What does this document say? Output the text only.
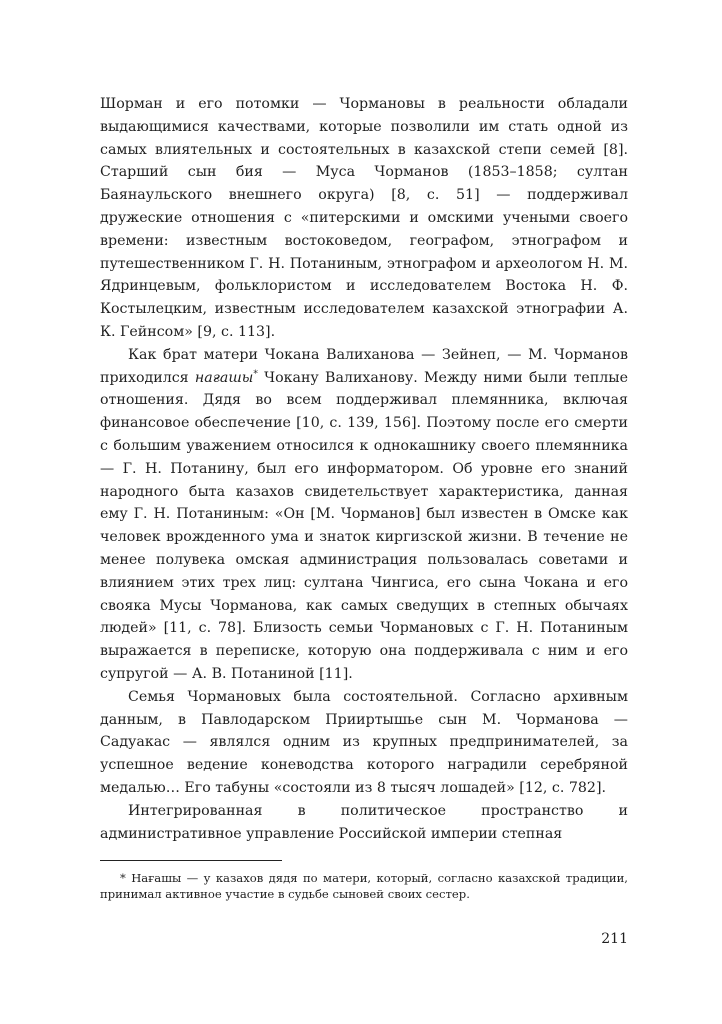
Шорман и его потомки — Чормановы в реальности обладали выдающимися качествами, которые позволили им стать одной из самых влиятельных и состоятельных в казахской степи семей [8]. Старший сын бия — Муса Чорманов (1853–1858; султан Баянаульского внешнего округа) [8, с. 51] — поддерживал дружеские отношения с «питерскими и омскими учеными своего времени: известным востоковедом, географом, этнографом и путешественником Г. Н. Потаниным, этнографом и археологом Н. М. Ядринцевым, фольклористом и исследователем Востока Н. Ф. Костылецким, известным исследователем казахской этнографии А. К. Гейнсом» [9, с. 113].

Как брат матери Чокана Валиханова — Зейнеп, — М. Чорманов приходился нағашы* Чокану Валиханову. Между ними были теплые отношения. Дядя во всем поддерживал племянника, включая финансовое обеспечение [10, с. 139, 156]. Поэтому после его смерти с большим уважением относился к однокашнику своего племянника — Г. Н. Потанину, был его информатором. Об уровне его знаний народного быта казахов свидетельствует характеристика, данная ему Г. Н. Потаниным: «Он [М. Чорманов] был известен в Омске как человек врожденного ума и знаток киргизской жизни. В течение не менее полувека омская администрация пользовалась советами и влиянием этих трех лиц: султана Чингиса, его сына Чокана и его свояка Мусы Чорманова, как самых сведущих в степных обычаях людей» [11, с. 78]. Близость семьи Чормановых с Г. Н. Потаниным выражается в переписке, которую она поддерживала с ним и его супругой — А. В. Потаниной [11].

Семья Чормановых была состоятельной. Согласно архивным данным, в Павлодарском Прииртышье сын М. Чорманова — Садуакас — являлся одним из крупных предпринимателей, за успешное ведение коневодства которого наградили серебряной медалью… Его табуны «состояли из 8 тысяч лошадей» [12, с. 782].

Интегрированная в политическое пространство и административное управление Российской империи степная

* Нағашы — у казахов дядя по матери, который, согласно казахской традиции, принимал активное участие в судьбе сыновей своих сестер.
211
